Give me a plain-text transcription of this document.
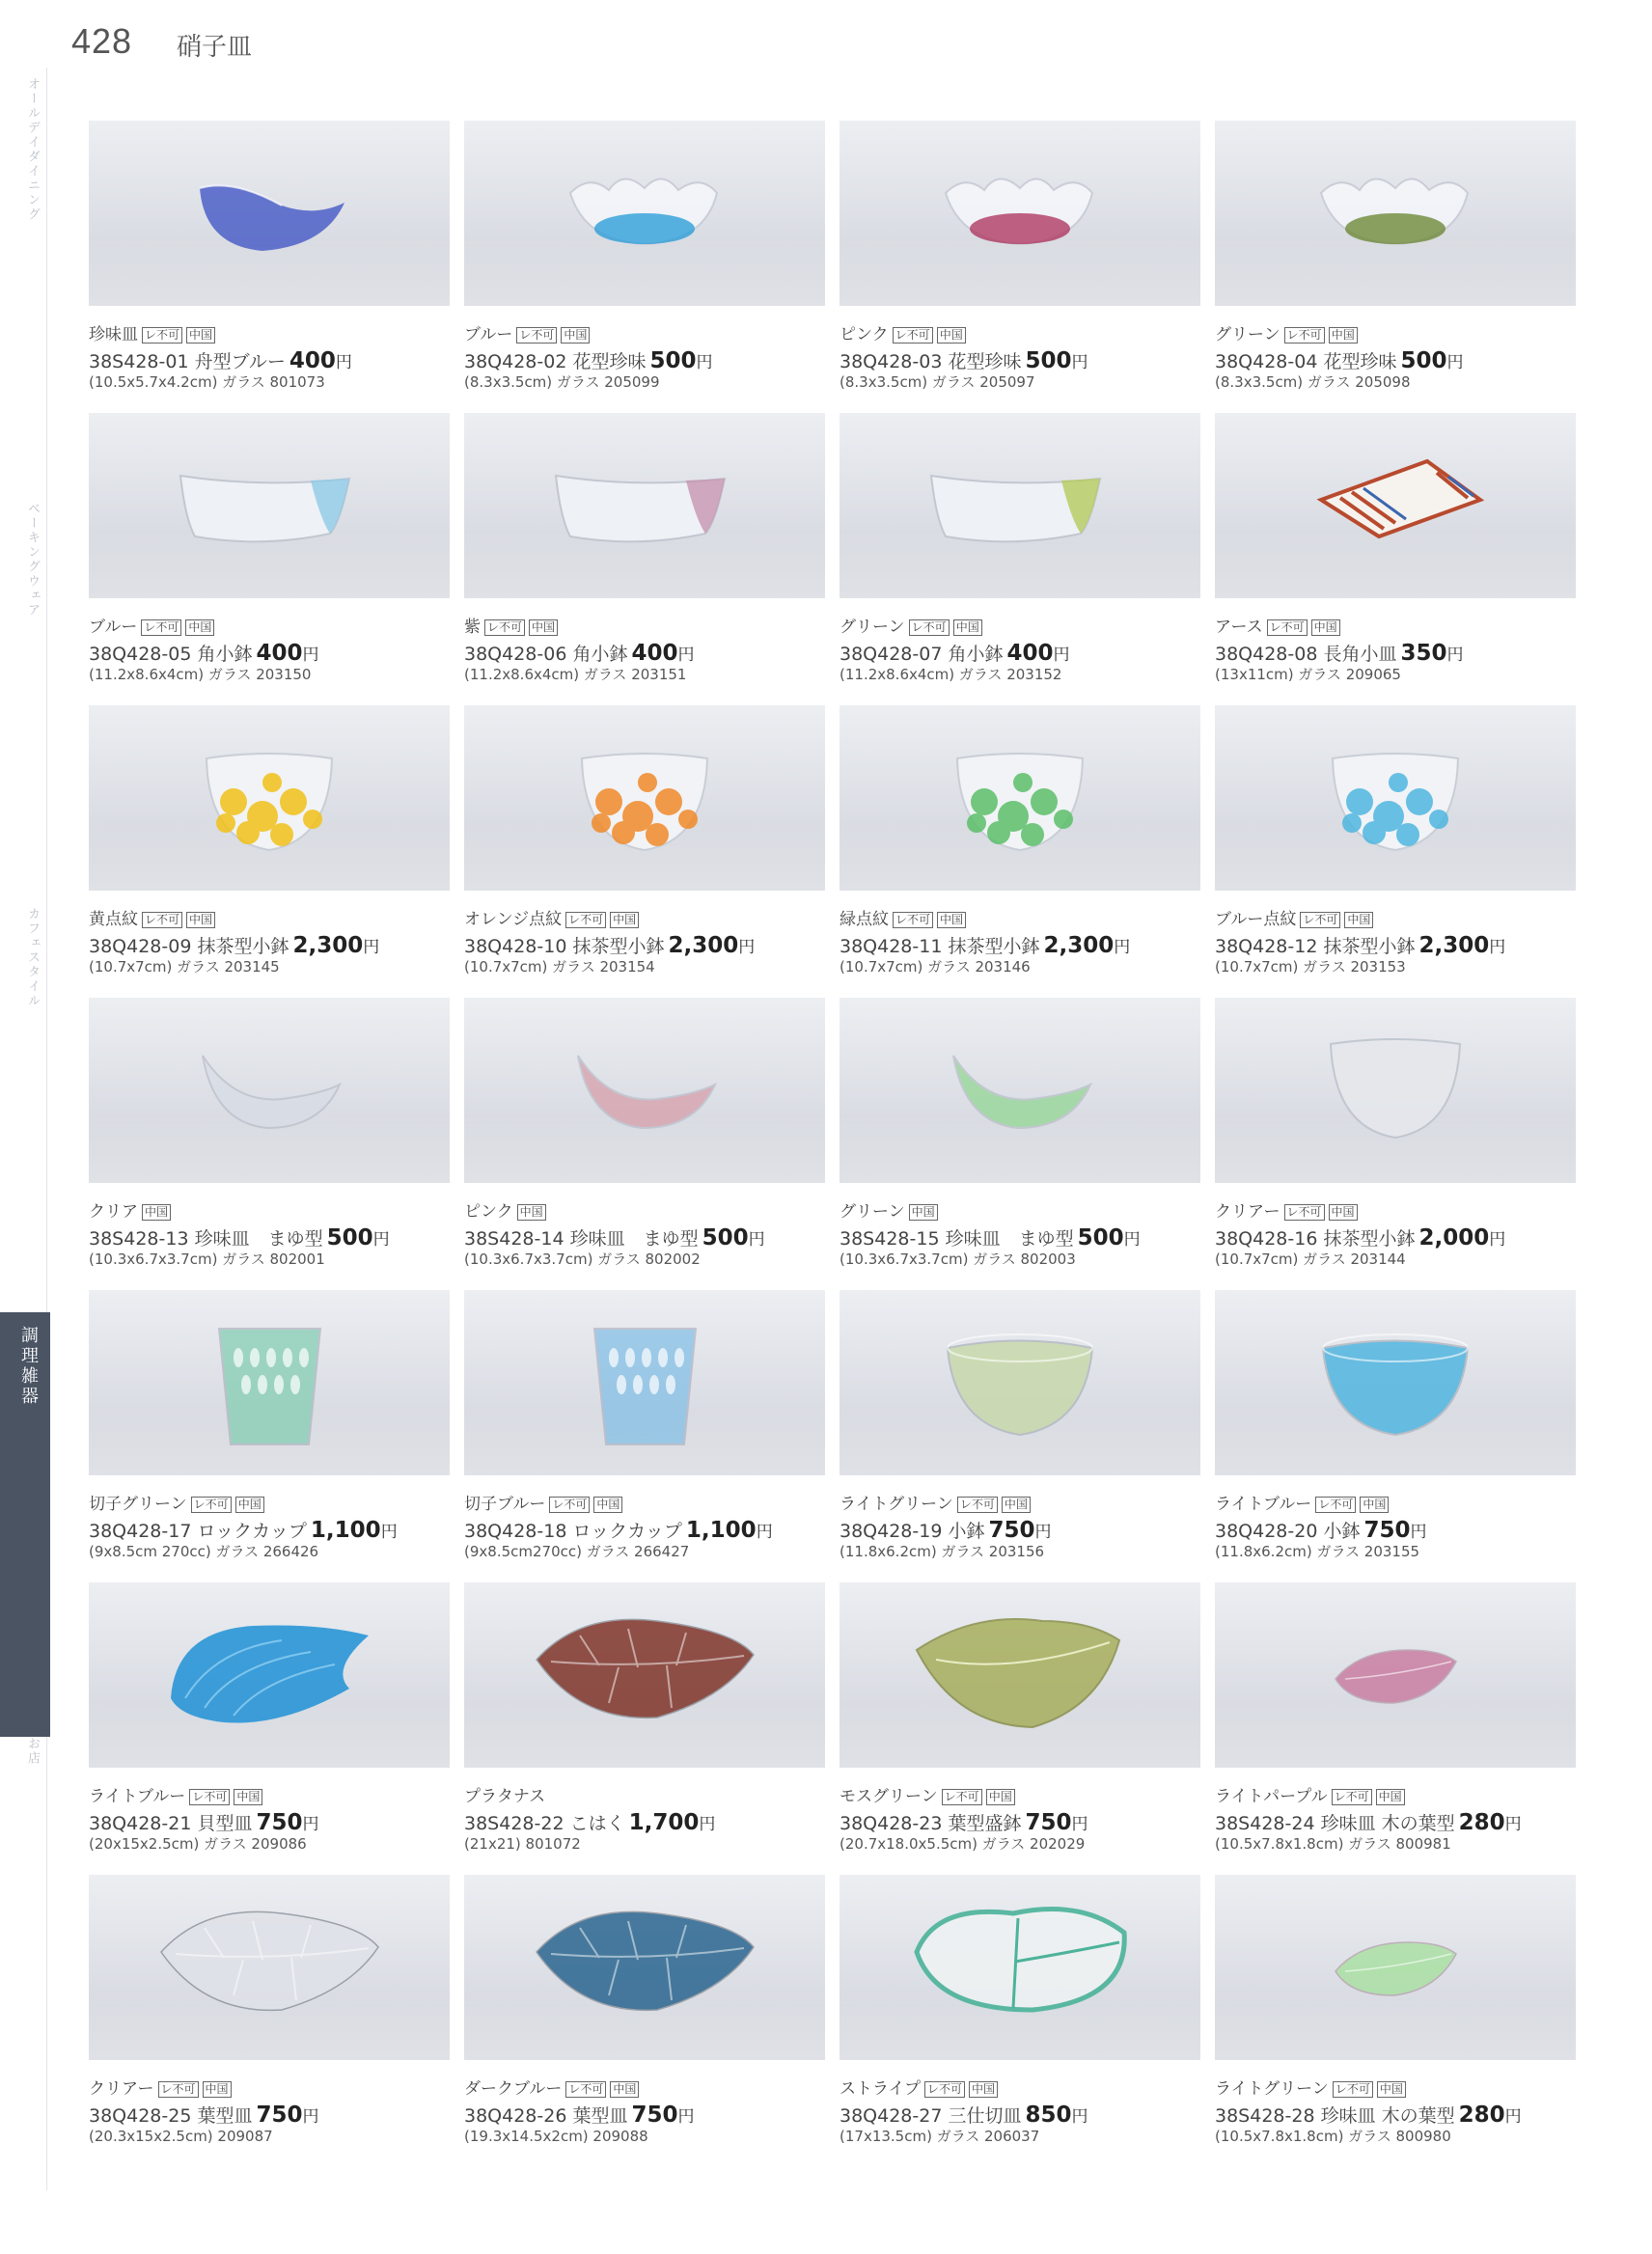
428 硝子皿
オールデイダイニング
ベーキングウェア
カフェスタイル
調理雑器
お店
珍味皿 レ不可 中国
38S428-01 舟型ブルー 400円
(10.5x5.7x4.2cm) ガラス 801073
ブルー レ不可 中国
38Q428-02 花型珍味 500円
(8.3x3.5cm) ガラス 205099
ピンク レ不可 中国
38Q428-03 花型珍味 500円
(8.3x3.5cm) ガラス 205097
グリーン レ不可 中国
38Q428-04 花型珍味 500円
(8.3x3.5cm) ガラス 205098
ブルー レ不可 中国
38Q428-05 角小鉢 400円
(11.2x8.6x4cm) ガラス 203150
紫 レ不可 中国
38Q428-06 角小鉢 400円
(11.2x8.6x4cm) ガラス 203151
グリーン レ不可 中国
38Q428-07 角小鉢 400円
(11.2x8.6x4cm) ガラス 203152
アース レ不可 中国
38Q428-08 長角小皿 350円
(13x11cm) ガラス 209065
黄点紋 レ不可 中国
38Q428-09 抹茶型小鉢 2,300円
(10.7x7cm) ガラス 203145
オレンジ点紋 レ不可 中国
38Q428-10 抹茶型小鉢 2,300円
(10.7x7cm) ガラス 203154
緑点紋 レ不可 中国
38Q428-11 抹茶型小鉢 2,300円
(10.7x7cm) ガラス 203146
ブルー点紋 レ不可 中国
38Q428-12 抹茶型小鉢 2,300円
(10.7x7cm) ガラス 203153
クリア 中国
38S428-13 珍味皿　まゆ型 500円
(10.3x6.7x3.7cm) ガラス 802001
ピンク 中国
38S428-14 珍味皿　まゆ型 500円
(10.3x6.7x3.7cm) ガラス 802002
グリーン 中国
38S428-15 珍味皿　まゆ型 500円
(10.3x6.7x3.7cm) ガラス 802003
クリアー レ不可 中国
38Q428-16 抹茶型小鉢 2,000円
(10.7x7cm) ガラス 203144
切子グリーン レ不可 中国
38Q428-17 ロックカップ 1,100円
(9x8.5cm 270cc) ガラス 266426
切子ブルー レ不可 中国
38Q428-18 ロックカップ 1,100円
(9x8.5cm270cc) ガラス 266427
ライトグリーン レ不可 中国
38Q428-19 小鉢 750円
(11.8x6.2cm) ガラス 203156
ライトブルー レ不可 中国
38Q428-20 小鉢 750円
(11.8x6.2cm) ガラス 203155
ライトブルー レ不可 中国
38Q428-21 貝型皿 750円
(20x15x2.5cm) ガラス 209086
プラタナス
38S428-22 こはく 1,700円
(21x21) 801072
モスグリーン レ不可 中国
38Q428-23 葉型盛鉢 750円
(20.7x18.0x5.5cm) ガラス 202029
ライトパープル レ不可 中国
38S428-24 珍味皿 木の葉型 280円
(10.5x7.8x1.8cm) ガラス 800981
クリアー レ不可 中国
38Q428-25 葉型皿 750円
(20.3x15x2.5cm) 209087
ダークブルー レ不可 中国
38Q428-26 葉型皿 750円
(19.3x14.5x2cm) 209088
ストライプ レ不可 中国
38Q428-27 三仕切皿 850円
(17x13.5cm) ガラス 206037
ライトグリーン レ不可 中国
38S428-28 珍味皿 木の葉型 280円
(10.5x7.8x1.8cm) ガラス 800980
